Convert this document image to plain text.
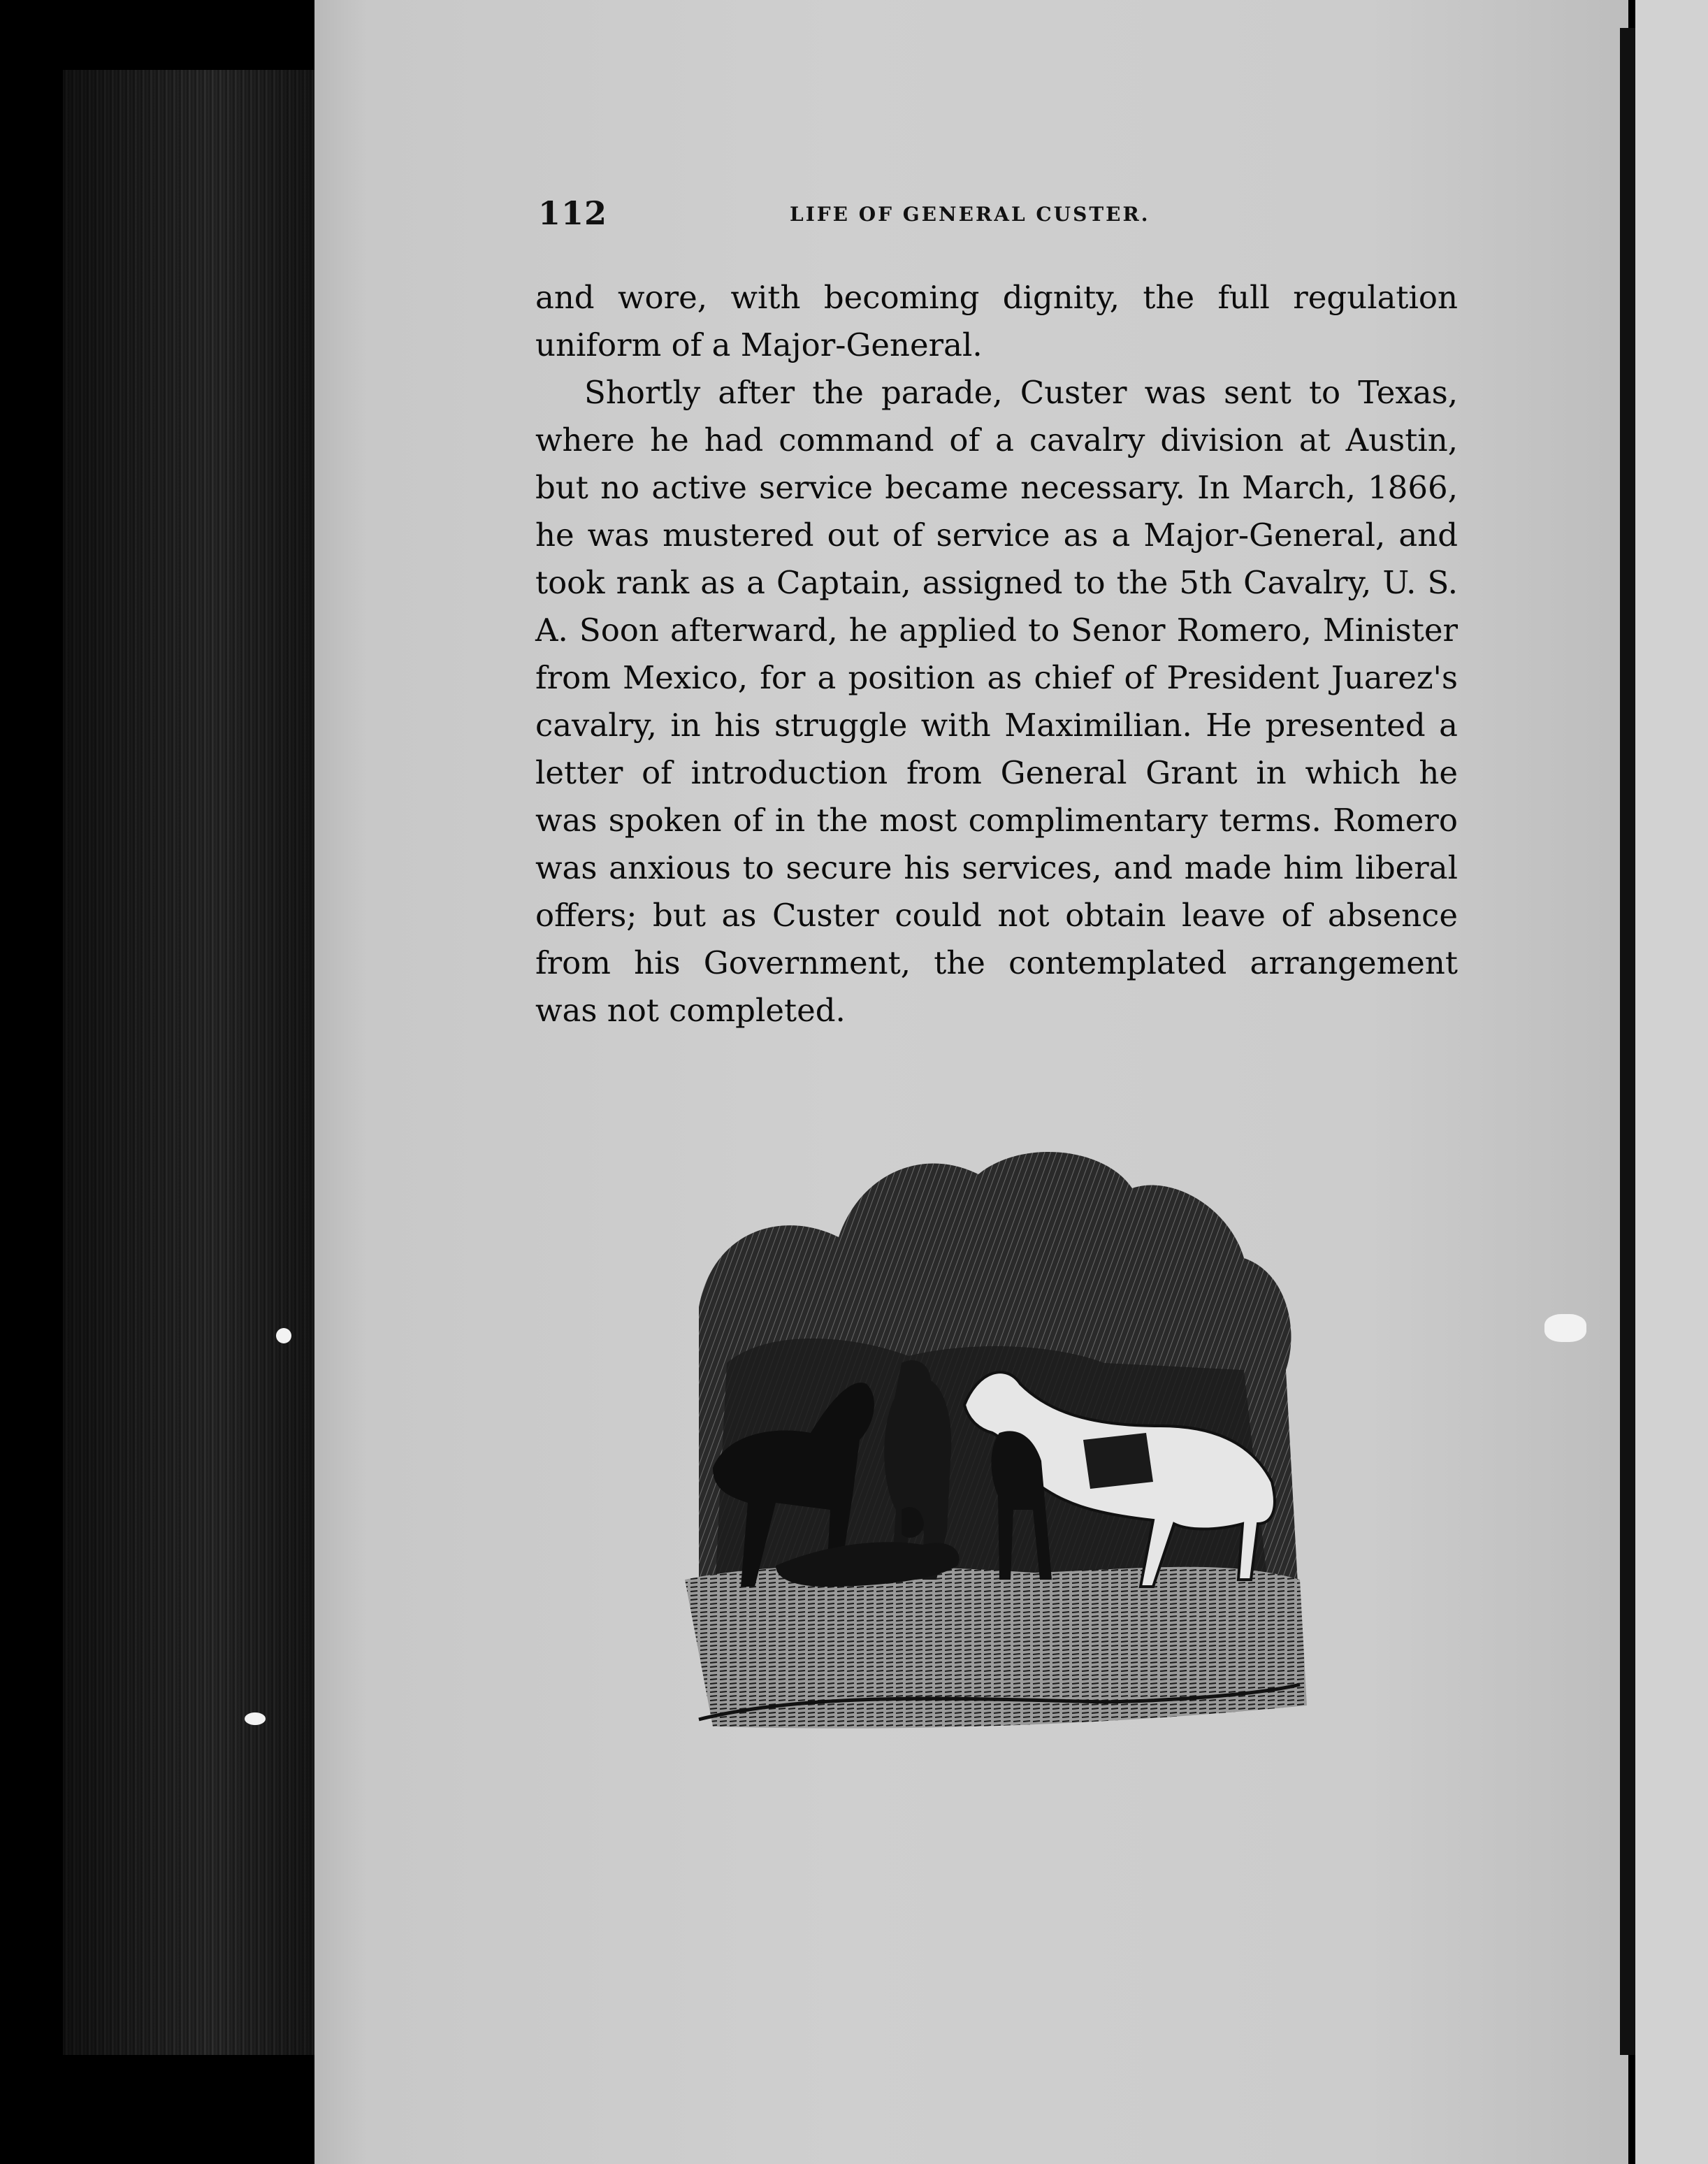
112	LIFE OF GENERAL CUSTER.

and wore, with becoming dignity, the full regulation uniform of a Major-General.

Shortly after the parade, Custer was sent to Texas, where he had command of a cavalry division at Austin, but no active service became necessary. In March, 1866, he was mustered out of service as a Major-General, and took rank as a Captain, assigned to the 5th Cavalry, U. S. A. Soon afterward, he applied to Senor Romero, Minister from Mexico, for a position as chief of President Juarez's cavalry, in his struggle with Maximilian. He presented a letter of introduction from General Grant in which he was spoken of in the most complimentary terms. Romero was anxious to secure his services, and made him liberal offers; but as Custer could not obtain leave of absence from his Government, the contemplated arrangement was not completed.
